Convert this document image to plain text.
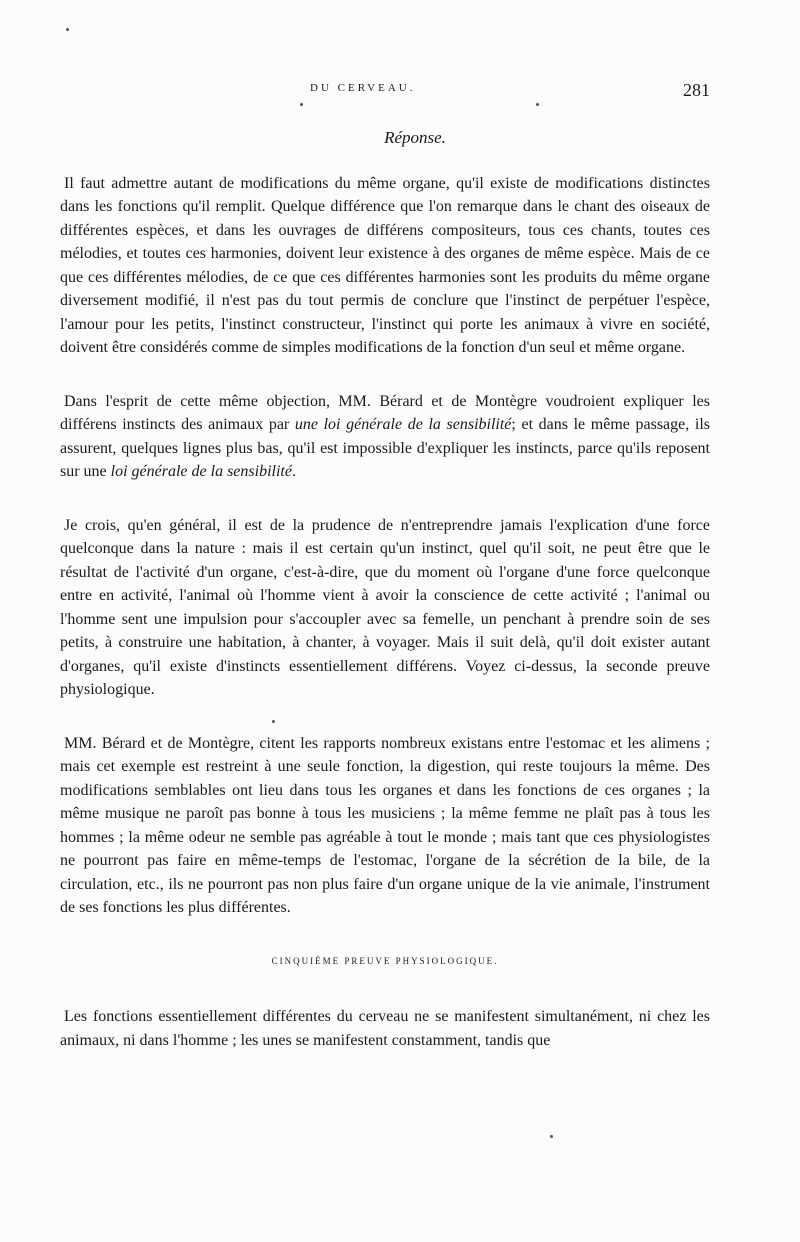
DU CERVEAU.	281
Réponse.

Il faut admettre autant de modifications du même organe, qu'il existe de modifications distinctes dans les fonctions qu'il remplit. Quelque différence que l'on remarque dans le chant des oiseaux de différentes espèces, et dans les ouvrages de différens compositeurs, tous ces chants, toutes ces mélodies, et toutes ces harmonies, doivent leur existence à des organes de même espèce. Mais de ce que ces différentes mélodies, de ce que ces différentes harmonies sont les produits du même organe diversement modifié, il n'est pas du tout permis de conclure que l'instinct de perpétuer l'espèce, l'amour pour les petits, l'instinct constructeur, l'instinct qui porte les animaux à vivre en société, doivent être considérés comme de simples modifications de la fonction d'un seul et même organe.

Dans l'esprit de cette même objection, MM. Bérard et de Montègre voudroient expliquer les différens instincts des animaux par une loi générale de la sensibilité; et dans le même passage, ils assurent, quelques lignes plus bas, qu'il est impossible d'expliquer les instincts, parce qu'ils reposent sur une loi générale de la sensibilité.

Je crois, qu'en général, il est de la prudence de n'entreprendre jamais l'explication d'une force quelconque dans la nature : mais il est certain qu'un instinct, quel qu'il soit, ne peut être que le résultat de l'activité d'un organe, c'est-à-dire, que du moment où l'organe d'une force quelconque entre en activité, l'animal où l'homme vient à avoir la conscience de cette activité ; l'animal ou l'homme sent une impulsion pour s'accoupler avec sa femelle, un penchant à prendre soin de ses petits, à construire une habitation, à chanter, à voyager. Mais il suit delà, qu'il doit exister autant d'organes, qu'il existe d'instincts essentiellement différens. Voyez ci-dessus, la seconde preuve physiologique.

MM. Bérard et de Montègre, citent les rapports nombreux existans entre l'estomac et les alimens ; mais cet exemple est restreint à une seule fonction, la digestion, qui reste toujours la même. Des modifications semblables ont lieu dans tous les organes et dans les fonctions de ces organes ; la même musique ne paroît pas bonne à tous les musiciens ; la même femme ne plaît pas à tous les hommes ; la même odeur ne semble pas agréable à tout le monde ; mais tant que ces physiologistes ne pourront pas faire en même-temps de l'estomac, l'organe de la sécrétion de la bile, de la circulation, etc., ils ne pourront pas non plus faire d'un organe unique de la vie animale, l'instrument de ses fonctions les plus différentes.

CINQUIÈME PREUVE PHYSIOLOGIQUE.

Les fonctions essentiellement différentes du cerveau ne se manifestent simultanément, ni chez les animaux, ni dans l'homme ; les unes se manifestent constamment, tandis que
